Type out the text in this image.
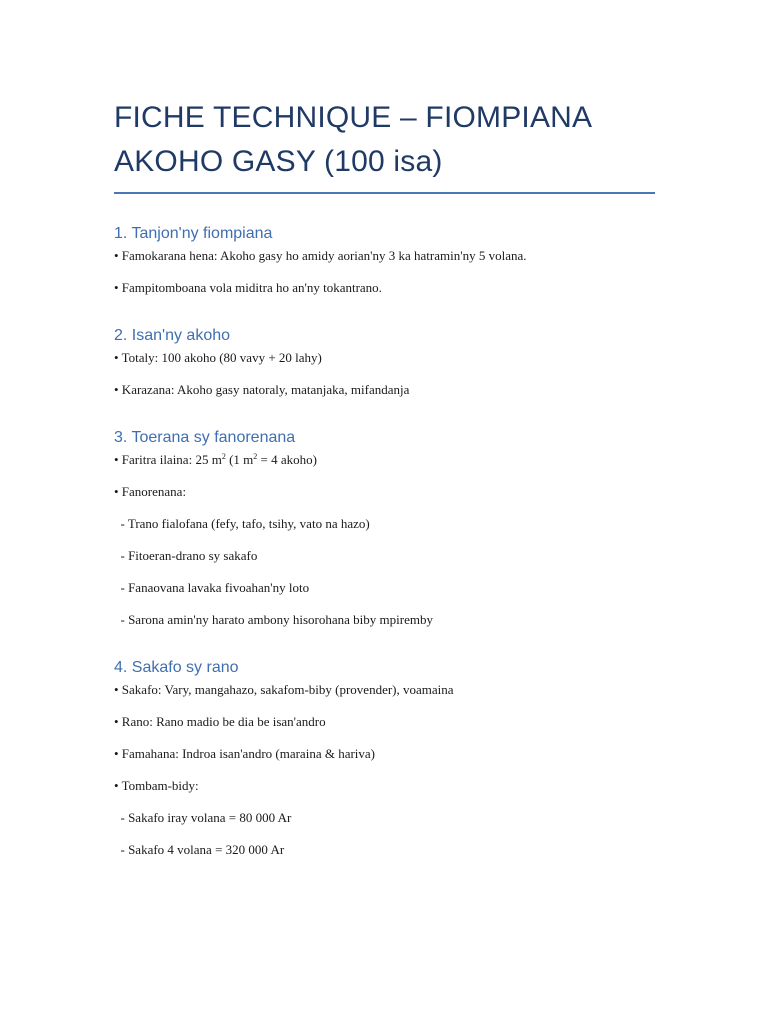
FICHE TECHNIQUE – FIOMPIANA
AKOHO GASY (100 isa)
1. Tanjon'ny fiompiana

• Famokarana hena: Akoho gasy ho amidy aorian'ny 3 ka hatramin'ny 5 volana.

• Fampitomboana vola miditra ho an'ny tokantrano.

2. Isan'ny akoho

• Totaly: 100 akoho (80 vavy + 20 lahy)

• Karazana: Akoho gasy natoraly, matanjaka, mifandanja

3. Toerana sy fanorenana

• Faritra ilaina: 25 $m^2$ (1 $m^2 = 4$ akoho)

• Fanorenana:

- Trano fialofana (fefy, tafo, tsihy, vato na hazo)

- Fitoeran-drano sy sakafo

- Fanaovana lavaka fivoahan'ny loto

- Sarona amin'ny harato ambony hisorohana biby mpiremby

4. Sakafo sy rano

• Sakafo: Vary, mangahazo, sakafom-biby (provender), voamaina

• Rano: Rano madio be dia be isan'andro

• Famahana: Indroa isan'andro (maraina & hariva)

• Tombam-bidy:

- Sakafo iray volana = 80 000 Ar

- Sakafo 4 volana = 320 000 Ar
